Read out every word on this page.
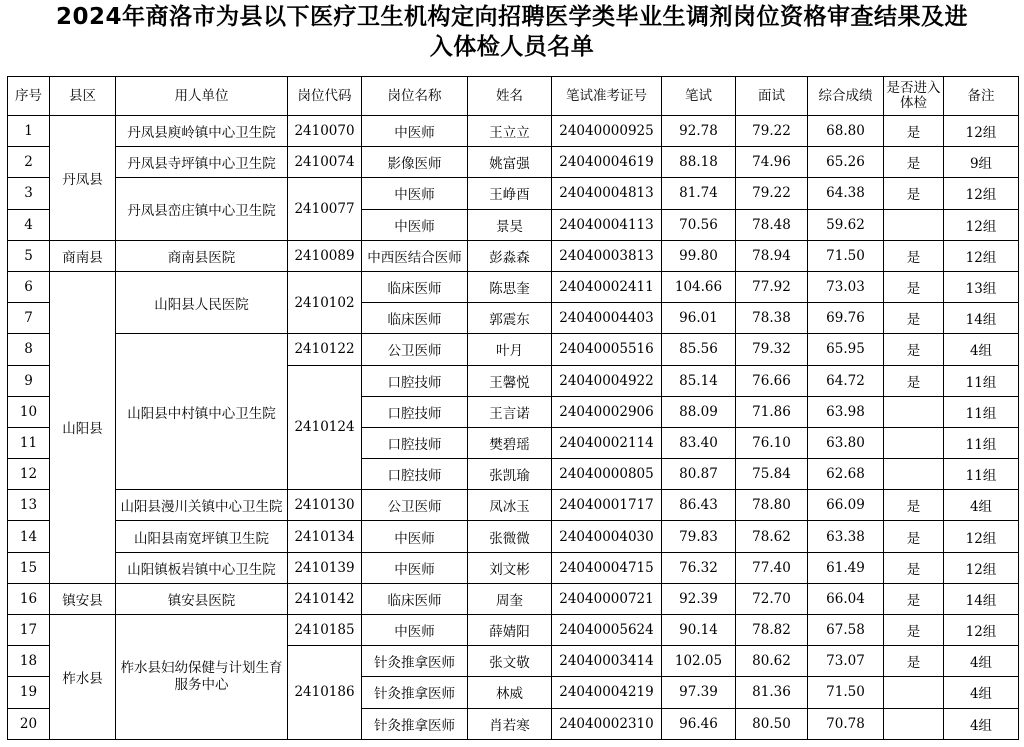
2024年商洛市为县以下医疗卫生机构定向招聘医学类毕业生调剂岗位资格审查结果及进
入体检人员名单
序号	县区	用人单位	岗位代码	岗位名称	姓名	笔试准考证号	笔试	面试	综合成绩	是否进入体检	备注
1	丹凤县	丹凤县庾岭镇中心卫生院	2410070	中医师	王立立	24040000925	92.78	79.22	68.80	是	12组
2		丹凤县寺坪镇中心卫生院	2410074	影像医师	姚富强	24040004619	88.18	74.96	65.26	是	9组
3		丹凤县峦庄镇中心卫生院	2410077	中医师	王峥酉	24040004813	81.74	79.22	64.38	是	12组
4				中医师	景昊	24040004113	70.56	78.48	59.62		12组
5	商南县	商南县医院	2410089	中西医结合医师	彭淼森	24040003813	99.80	78.94	71.50	是	12组
6	山阳县	山阳县人民医院	2410102	临床医师	陈思奎	24040002411	104.66	77.92	73.03	是	13组
7				临床医师	郭震东	24040004403	96.01	78.38	69.76	是	14组
8		山阳县中村镇中心卫生院	2410122	公卫医师	叶月	24040005516	85.56	79.32	65.95	是	4组
9			2410124	口腔技师	王馨悦	24040004922	85.14	76.66	64.72	是	11组
10				口腔技师	王言诺	24040002906	88.09	71.86	63.98		11组
11				口腔技师	樊碧瑶	24040002114	83.40	76.10	63.80		11组
12				口腔技师	张凯瑜	24040000805	80.87	75.84	62.68		11组
13		山阳县漫川关镇中心卫生院	2410130	公卫医师	凤冰玉	24040001717	86.43	78.80	66.09	是	4组
14		山阳县南宽坪镇卫生院	2410134	中医师	张微微	24040004030	79.83	78.62	63.38	是	12组
15		山阳镇板岩镇中心卫生院	2410139	中医师	刘文彬	24040004715	76.32	77.40	61.49	是	12组
16	镇安县	镇安县医院	2410142	临床医师	周奎	24040000721	92.39	72.70	66.04	是	14组
17	柞水县	柞水县妇幼保健与计划生育服务中心	2410185	中医师	薛婧阳	24040005624	90.14	78.82	67.58	是	12组
18			2410186	针灸推拿医师	张文敬	24040003414	102.05	80.62	73.07	是	4组
19				针灸推拿医师	林威	24040004219	97.39	81.36	71.50		4组
20				针灸推拿医师	肖若寒	24040002310	96.46	80.50	70.78		4组
